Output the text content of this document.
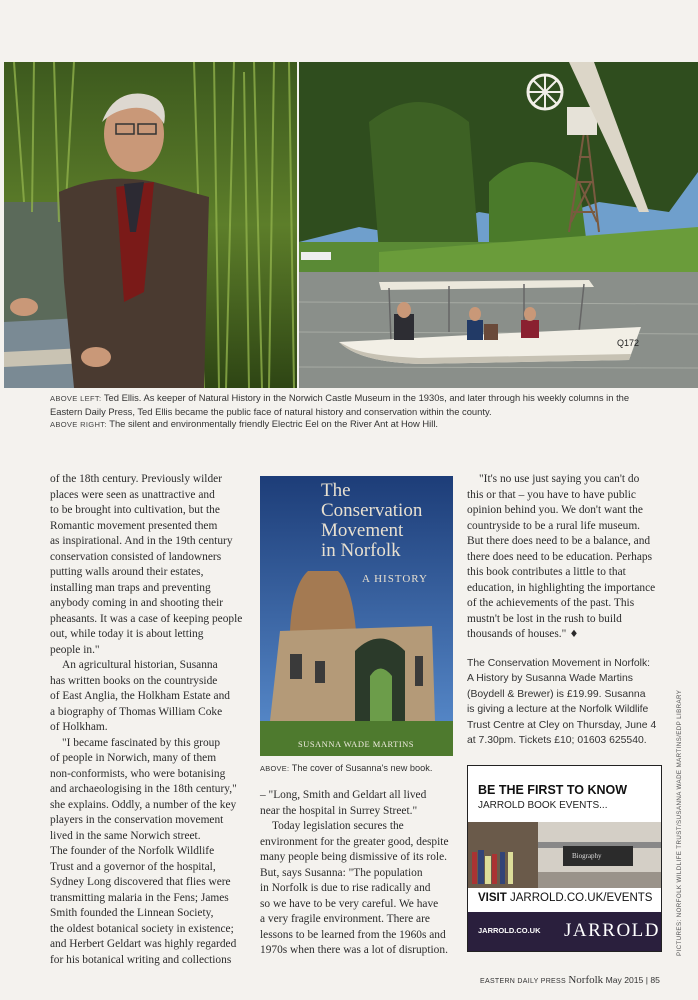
Q172
ABOVE LEFT: Ted Ellis. As keeper of Natural History in the Norwich Castle Museum in the 1930s, and later through his weekly columns in the Eastern Daily Press, Ted Ellis became the public face of natural history and conservation within the county.
ABOVE RIGHT: The silent and environmentally friendly Electric Eel on the River Ant at How Hill.

of the 18th century. Previously wilder
places were seen as unattractive and
to be brought into cultivation, but the
Romantic movement presented them
as inspirational. And in the 19th century
conservation consisted of landowners
putting walls around their estates,
installing man traps and preventing
anybody coming in and shooting their
pheasants. It was a case of keeping people
out, while today it is about letting
people in."

An agricultural historian, Susanna
has written books on the countryside
of East Anglia, the Holkham Estate and
a biography of Thomas William Coke
of Holkham.

"I became fascinated by this group
of people in Norwich, many of them
non-conformists, who were botanising
and archaeologising in the 18th century,"
she explains. Oddly, a number of the key
players in the conservation movement
lived in the same Norwich street.
The founder of the Norfolk Wildlife
Trust and a governor of the hospital,
Sydney Long discovered that flies were
transmitting malaria in the Fens; James
Smith founded the Linnean Society,
the oldest botanical society in existence;
and Herbert Geldart was highly regarded
for his botanical writing and collections

The Conservation Movement in Norfolk
A HISTORY
SUSANNA WADE MARTINS
ABOVE: The cover of Susanna's new book.

– "Long, Smith and Geldart all lived
near the hospital in Surrey Street."

Today legislation secures the
environment for the greater good, despite
many people being dismissive of its role.
But, says Susanna: "The population
in Norfolk is due to rise radically and
so we have to be very careful. We have
a very fragile environment. There are
lessons to be learned from the 1960s and
1970s when there was a lot of disruption.

"It's no use just saying you can't do
this or that – you have to have public
opinion behind you. We don't want the
countryside to be a rural life museum.
But there does need to be a balance, and
there does need to be education. Perhaps
this book contributes a little to that
education, in highlighting the importance
of the achievements of the past. This
mustn't be lost in the rush to build
thousands of houses." ♦

The Conservation Movement in Norfolk:
A History by Susanna Wade Martins
(Boydell & Brewer) is £19.99. Susanna
is giving a lecture at the Norfolk Wildlife
Trust Centre at Cley on Thursday, June 4
at 7.30pm. Tickets £10; 01603 625540.
BE THE FIRST TO KNOW
JARROLD BOOK EVENTS...
Biography
VISIT JARROLD.CO.UK/EVENTS
JARROLD.CO.UK JARROLD
EASTERN DAILY PRESS Norfolk May 2015 | 85
PICTURES: NORFOLK WILDLIFE TRUST/SUSANNA WADE MARTINS/EDP LIBRARY
